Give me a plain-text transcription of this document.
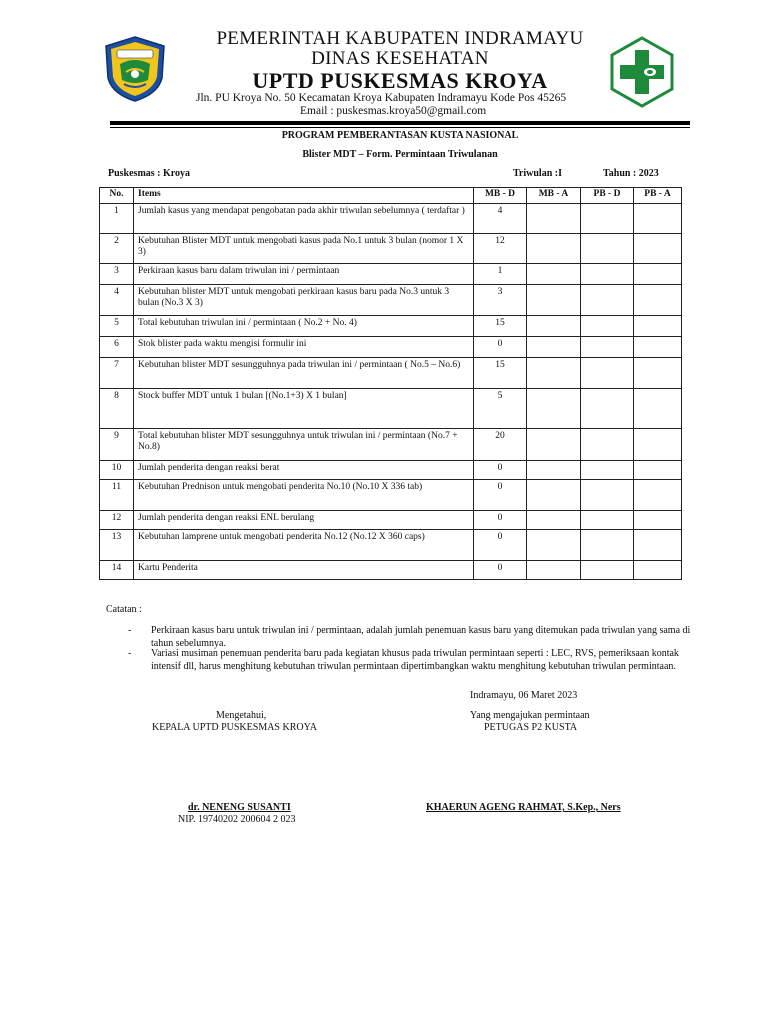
PEMERINTAH KABUPATEN INDRAMAYU
DINAS KESEHATAN
UPTD PUSKESMAS KROYA
Jln. PU Kroya No. 50 Kecamatan Kroya Kabupaten Indramayu Kode Pos 45265
Email : puskesmas.kroya50@gmail.com
PROGRAM PEMBERANTASAN KUSTA NASIONAL
Blister MDT – Form. Permintaan Triwulanan
Puskesmas : Kroya	Triwulan :I	Tahun : 2023
No.	Items	MB - D	MB - A	PB - D	PB - A
1	Jumlah kasus yang mendapat pengobatan pada akhir triwulan sebelumnya ( terdaftar )	4			
2	Kebutuhan Blister MDT untuk mengobati kasus pada No.1 untuk 3 bulan (nomor 1 X 3)	12			
3	Perkiraan kasus baru dalam triwulan ini / permintaan	1			
4	Kebutuhan blister MDT untuk mengobati perkiraan kasus baru pada No.3 untuk 3 bulan (No.3 X 3)	3			
5	Total kebutuhan triwulan ini / permintaan ( No.2 + No. 4)	15			
6	Stok blister pada waktu mengisi formulir ini	0			
7	Kebutuhan blister MDT sesungguhnya pada triwulan ini / permintaan ( No.5 – No.6)	15			
8	Stock buffer MDT untuk 1 bulan [(No.1+3) X 1 bulan]	5			
9	Total kebutuhan blister MDT sesungguhnya untuk triwulan ini / permintaan (No.7 + No.8)	20			
10	Jumlah penderita dengan reaksi berat	0			
11	Kebutuhan Prednison untuk mengobati penderita No.10 (No.10 X 336 tab)	0			
12	Jumlah penderita dengan reaksi ENL berulang	0			
13	Kebutuhan lamprene untuk mengobati penderita No.12 (No.12 X 360 caps)	0			
14	Kartu Penderita	0			
Catatan :
- Perkiraan kasus baru untuk triwulan ini / permintaan, adalah jumlah penemuan kasus baru yang ditemukan pada triwulan yang sama di tahun sebelumnya.
- Variasi musiman penemuan penderita baru pada kegiatan khusus pada triwulan permintaan seperti : LEC, RVS, pemeriksaan kontak intensif dll, harus menghitung kebutuhan triwulan permintaan dipertimbangkan waktu menghitung kebutuhan triwulan permintaan.
Indramayu, 06 Maret 2023
Mengetahui,
KEPALA UPTD PUSKESMAS KROYA
Yang mengajukan permintaan
PETUGAS P2 KUSTA
dr. NENENG SUSANTI
NIP. 19740202 200604 2 023
KHAERUN AGENG RAHMAT, S.Kep., Ners
